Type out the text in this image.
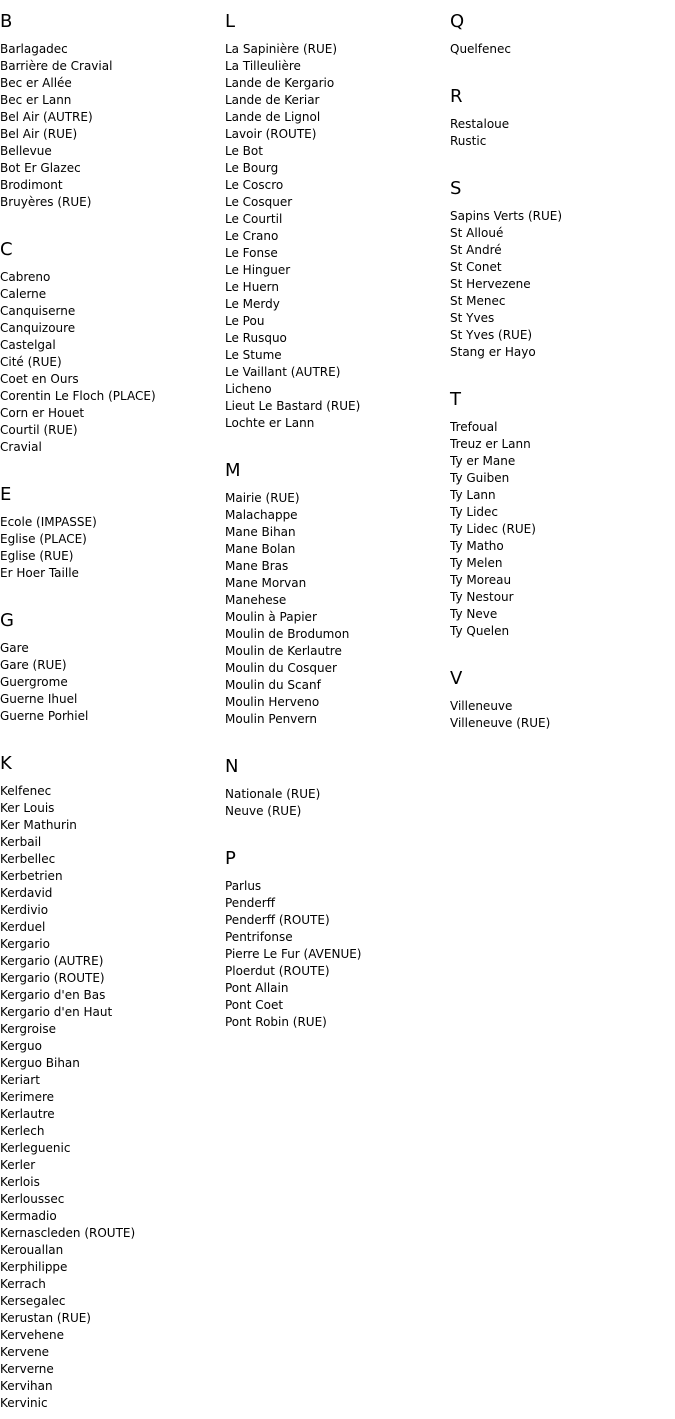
B
Barlagadec
Barrière de Cravial
Bec er Allée
Bec er Lann
Bel Air (AUTRE)
Bel Air (RUE)
Bellevue
Bot Er Glazec
Brodimont
Bruyères (RUE)
C
Cabreno
Calerne
Canquiserne
Canquizoure
Castelgal
Cité (RUE)
Coet en Ours
Corentin Le Floch (PLACE)
Corn er Houet
Courtil (RUE)
Cravial
E
Ecole (IMPASSE)
Eglise (PLACE)
Eglise (RUE)
Er Hoer Taille
G
Gare
Gare (RUE)
Guergrome
Guerne Ihuel
Guerne Porhiel
K
Kelfenec
Ker Louis
Ker Mathurin
Kerbail
Kerbellec
Kerbetrien
Kerdavid
Kerdivio
Kerduel
Kergario
Kergario (AUTRE)
Kergario (ROUTE)
Kergario d'en Bas
Kergario d'en Haut
Kergroise
Kerguo
Kerguo Bihan
Keriart
Kerimere
Kerlautre
Kerlech
Kerleguenic
Kerler
Kerlois
Kerloussec
Kermadio
Kernascleden (ROUTE)
Kerouallan
Kerphilippe
Kerrach
Kersegalec
Kerustan (RUE)
Kervehene
Kervene
Kerverne
Kervihan
Kervinic
L
La Sapinière (RUE)
La Tilleulière
Lande de Kergario
Lande de Keriar
Lande de Lignol
Lavoir (ROUTE)
Le Bot
Le Bourg
Le Coscro
Le Cosquer
Le Courtil
Le Crano
Le Fonse
Le Hinguer
Le Huern
Le Merdy
Le Pou
Le Rusquo
Le Stume
Le Vaillant (AUTRE)
Licheno
Lieut Le Bastard (RUE)
Lochte er Lann
M
Mairie (RUE)
Malachappe
Mane Bihan
Mane Bolan
Mane Bras
Mane Morvan
Manehese
Moulin à Papier
Moulin de Brodumon
Moulin de Kerlautre
Moulin du Cosquer
Moulin du Scanf
Moulin Herveno
Moulin Penvern
N
Nationale (RUE)
Neuve (RUE)
P
Parlus
Penderff
Penderff (ROUTE)
Pentrifonse
Pierre Le Fur (AVENUE)
Ploerdut (ROUTE)
Pont Allain
Pont Coet
Pont Robin (RUE)
Q
Quelfenec
R
Restaloue
Rustic
S
Sapins Verts (RUE)
St Alloué
St André
St Conet
St Hervezene
St Menec
St Yves
St Yves (RUE)
Stang er Hayo
T
Trefoual
Treuz er Lann
Ty er Mane
Ty Guiben
Ty Lann
Ty Lidec
Ty Lidec (RUE)
Ty Matho
Ty Melen
Ty Moreau
Ty Nestour
Ty Neve
Ty Quelen
V
Villeneuve
Villeneuve (RUE)
